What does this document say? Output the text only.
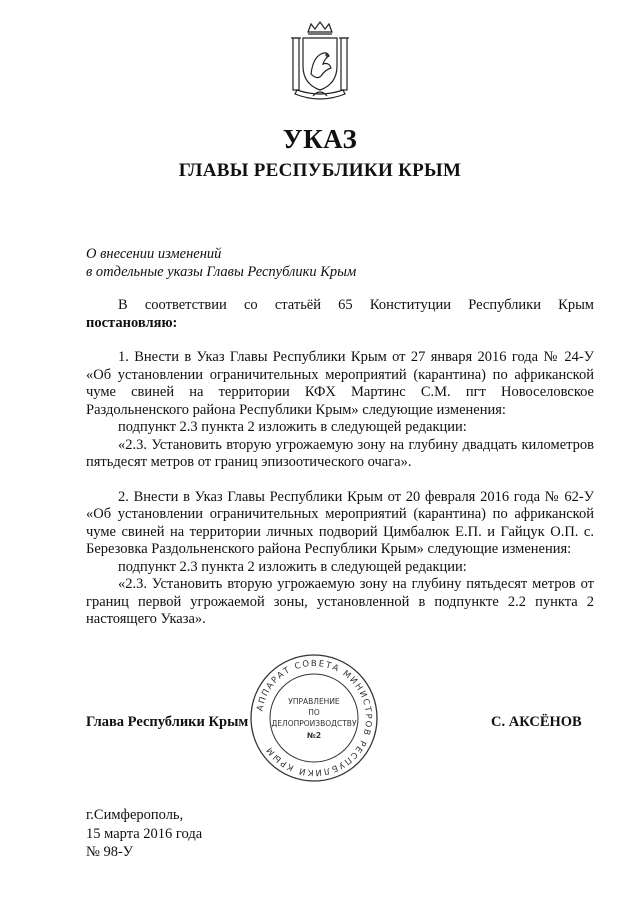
УКАЗ
ГЛАВЫ РЕСПУБЛИКИ КРЫМ
О внесении изменений
в отдельные указы Главы Республики Крым

В соответствии со статьёй 65 Конституции Республики Крым

постановляю:

1. Внести в Указ Главы Республики Крым от 27 января 2016 года № 24-У «Об установлении ограничительных мероприятий (карантина) по африканской чуме свиней на территории КФХ Мартинс С.М. пгт Новоселовское Раздольненского района Республики Крым» следующие изменения:

подпункт 2.3 пункта 2 изложить в следующей редакции:

«2.3. Установить вторую угрожаемую зону на глубину двадцать километров пятьдесят метров от границ эпизоотического очага».

2. Внести в Указ Главы Республики Крым от 20 февраля 2016 года № 62-У «Об установлении ограничительных мероприятий (карантина) по африканской чуме свиней на территории личных подворий Цимбалюк Е.П. и Гайцук О.П. с. Березовка Раздольненского района Республики Крым» следующие изменения:

подпункт 2.3 пункта 2 изложить в следующей редакции:

«2.3. Установить вторую угрожаемую зону на глубину пятьдесят метров от границ первой угрожаемой зоны, установленной в подпункте 2.2 пункта 2 настоящего Указа».

Глава Республики Крым	С. АКСЁНОВ
АППАРАТ СОВЕТА МИНИСТРОВ РЕСПУБЛИКИ КРЫМ
УПРАВЛЕНИЕ
ПО
ДЕЛОПРОИЗВОДСТВУ
№2
г.Симферополь,
15 марта 2016 года
№ 98-У
